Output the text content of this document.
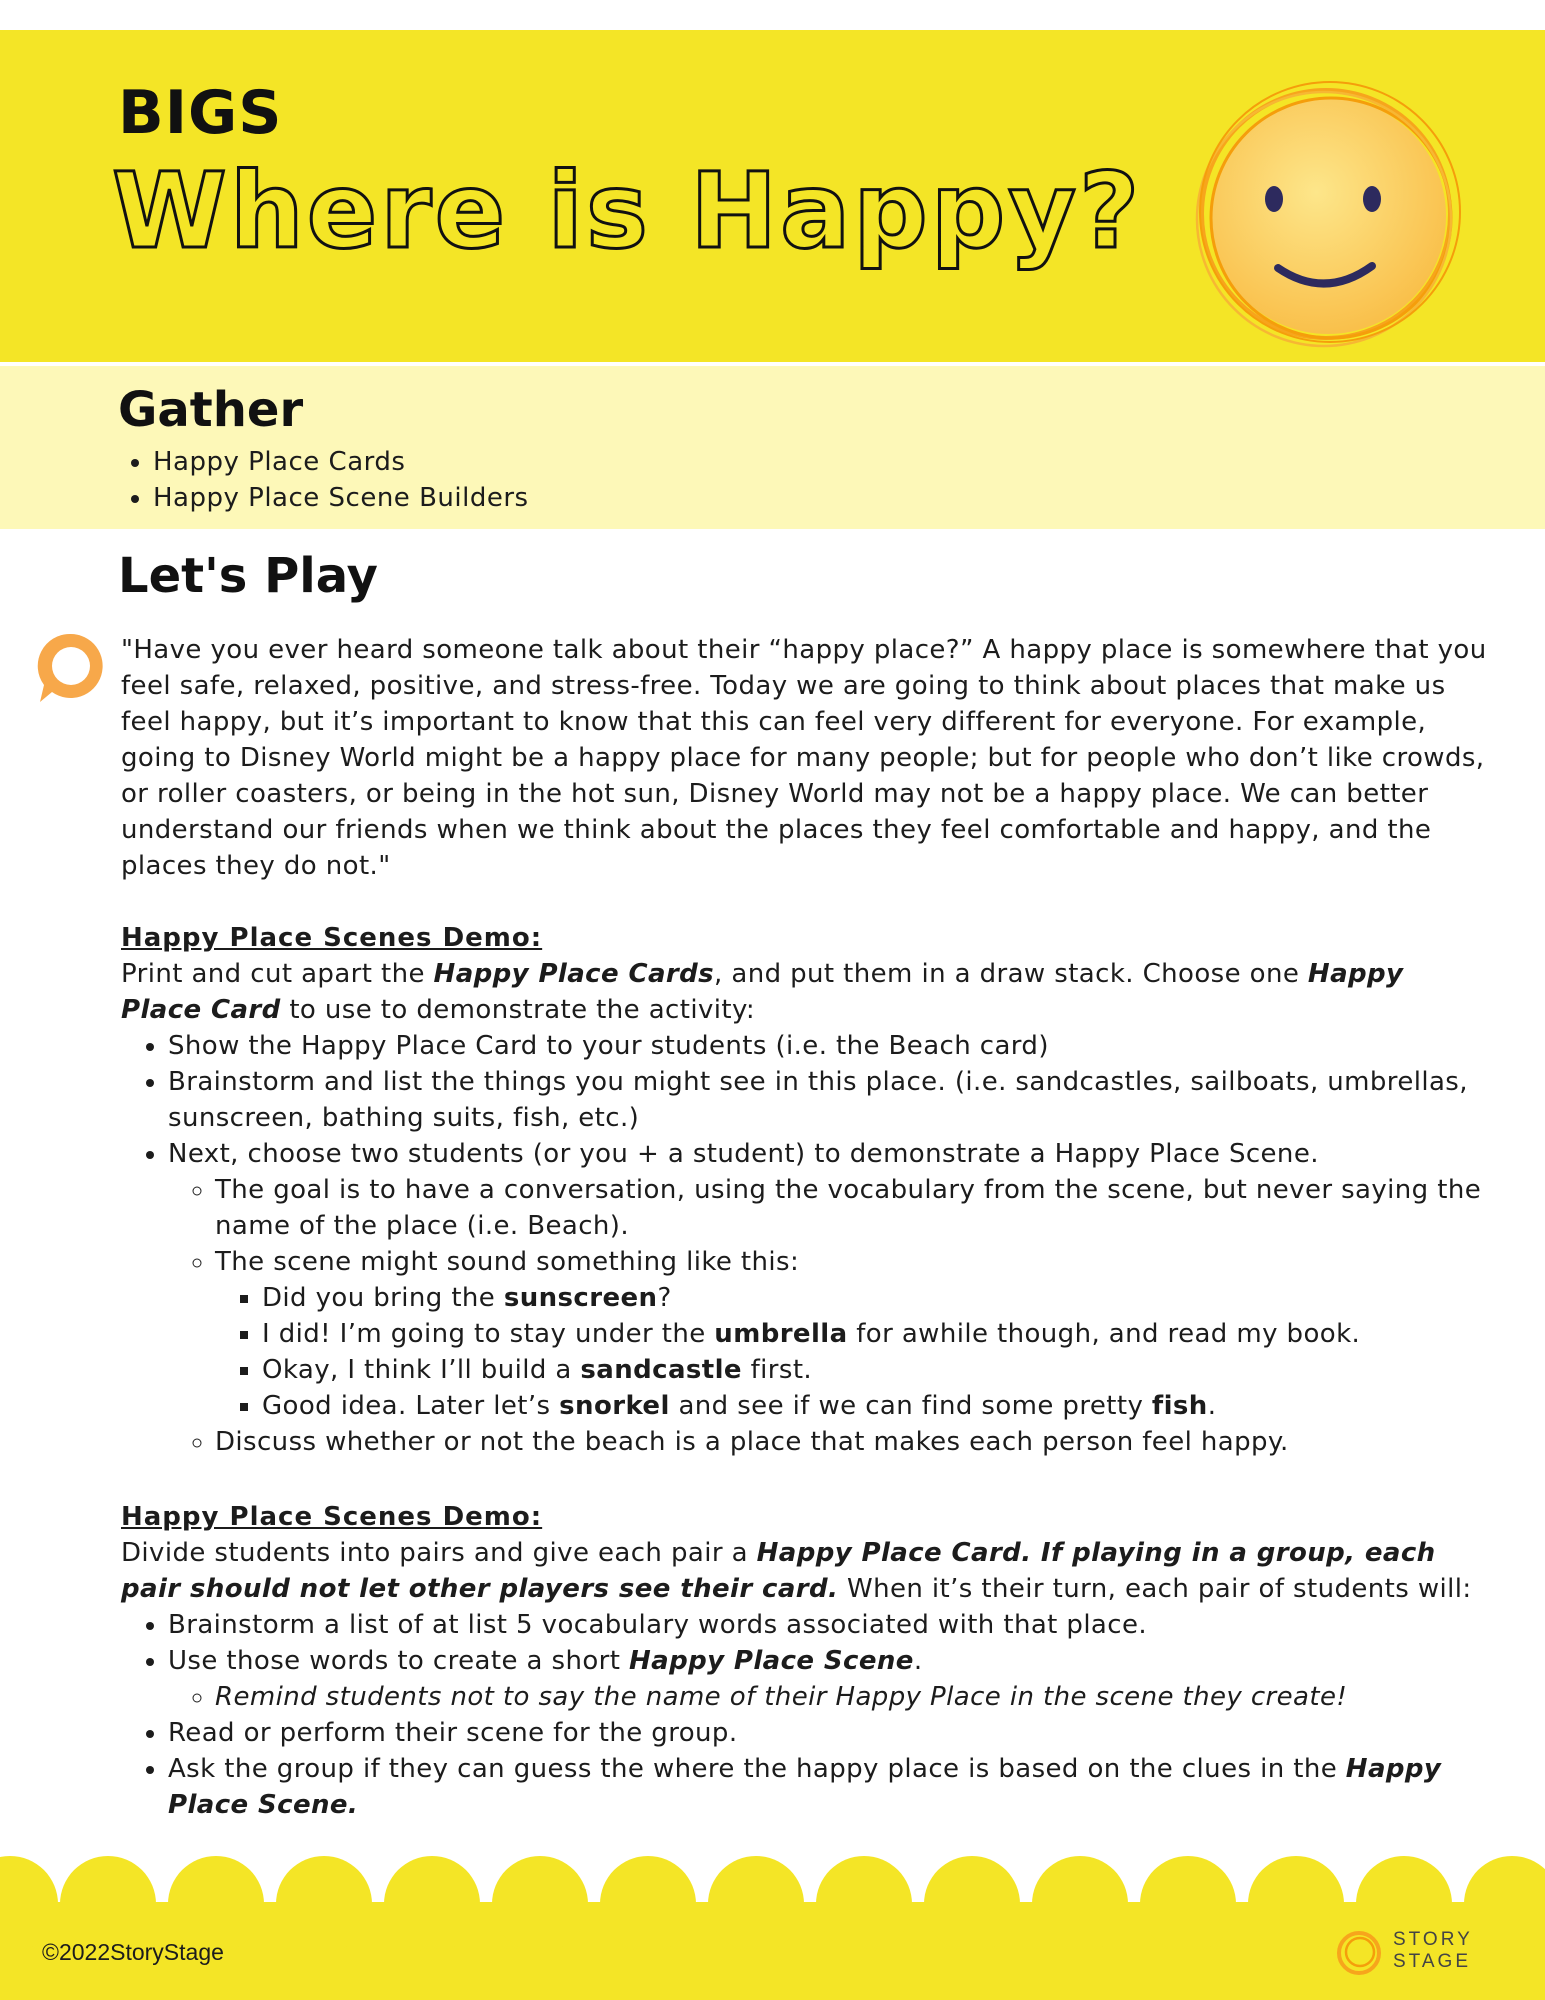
BIGS
Where is Happy?
Gather
• Happy Place Cards
• Happy Place Scene Builders
Let's Play

"Have you ever heard someone talk about their “happy place?” A happy place is somewhere that you feel safe, relaxed, positive, and stress-free. Today we are going to think about places that make us feel happy, but it’s important to know that this can feel very different for everyone. For example, going to Disney World might be a happy place for many people; but for people who don’t like crowds, or roller coasters, or being in the hot sun, Disney World may not be a happy place. We can better understand our friends when we think about the places they feel comfortable and happy, and the places they do not."

Happy Place Scenes Demo:

Print and cut apart the Happy Place Cards, and put them in a draw stack. Choose one Happy Place Card to use to demonstrate the activity:

• Show the Happy Place Card to your students (i.e. the Beach card)
• Brainstorm and list the things you might see in this place. (i.e. sandcastles, sailboats, umbrellas, sunscreen, bathing suits, fish, etc.)
• Next, choose two students (or you + a student) to demonstrate a Happy Place Scene.
◦ The goal is to have a conversation, using the vocabulary from the scene, but never saying the name of the place (i.e. Beach).
◦ The scene might sound something like this:
▪ Did you bring the sunscreen?
▪ I did! I’m going to stay under the umbrella for awhile though, and read my book.
▪ Okay, I think I’ll build a sandcastle first.
▪ Good idea. Later let’s snorkel and see if we can find some pretty fish.
◦ Discuss whether or not the beach is a place that makes each person feel happy.

Happy Place Scenes Demo:

Divide students into pairs and give each pair a Happy Place Card. If playing in a group, each pair should not let other players see their card. When it’s their turn, each pair of students will:

• Brainstorm a list of at list 5 vocabulary words associated with that place.
• Use those words to create a short Happy Place Scene.
◦ Remind students not to say the name of their Happy Place in the scene they create!
• Read or perform their scene for the group.
• Ask the group if they can guess the where the happy place is based on the clues in the Happy Place Scene.
©2022StoryStage	STORY
STAGE
